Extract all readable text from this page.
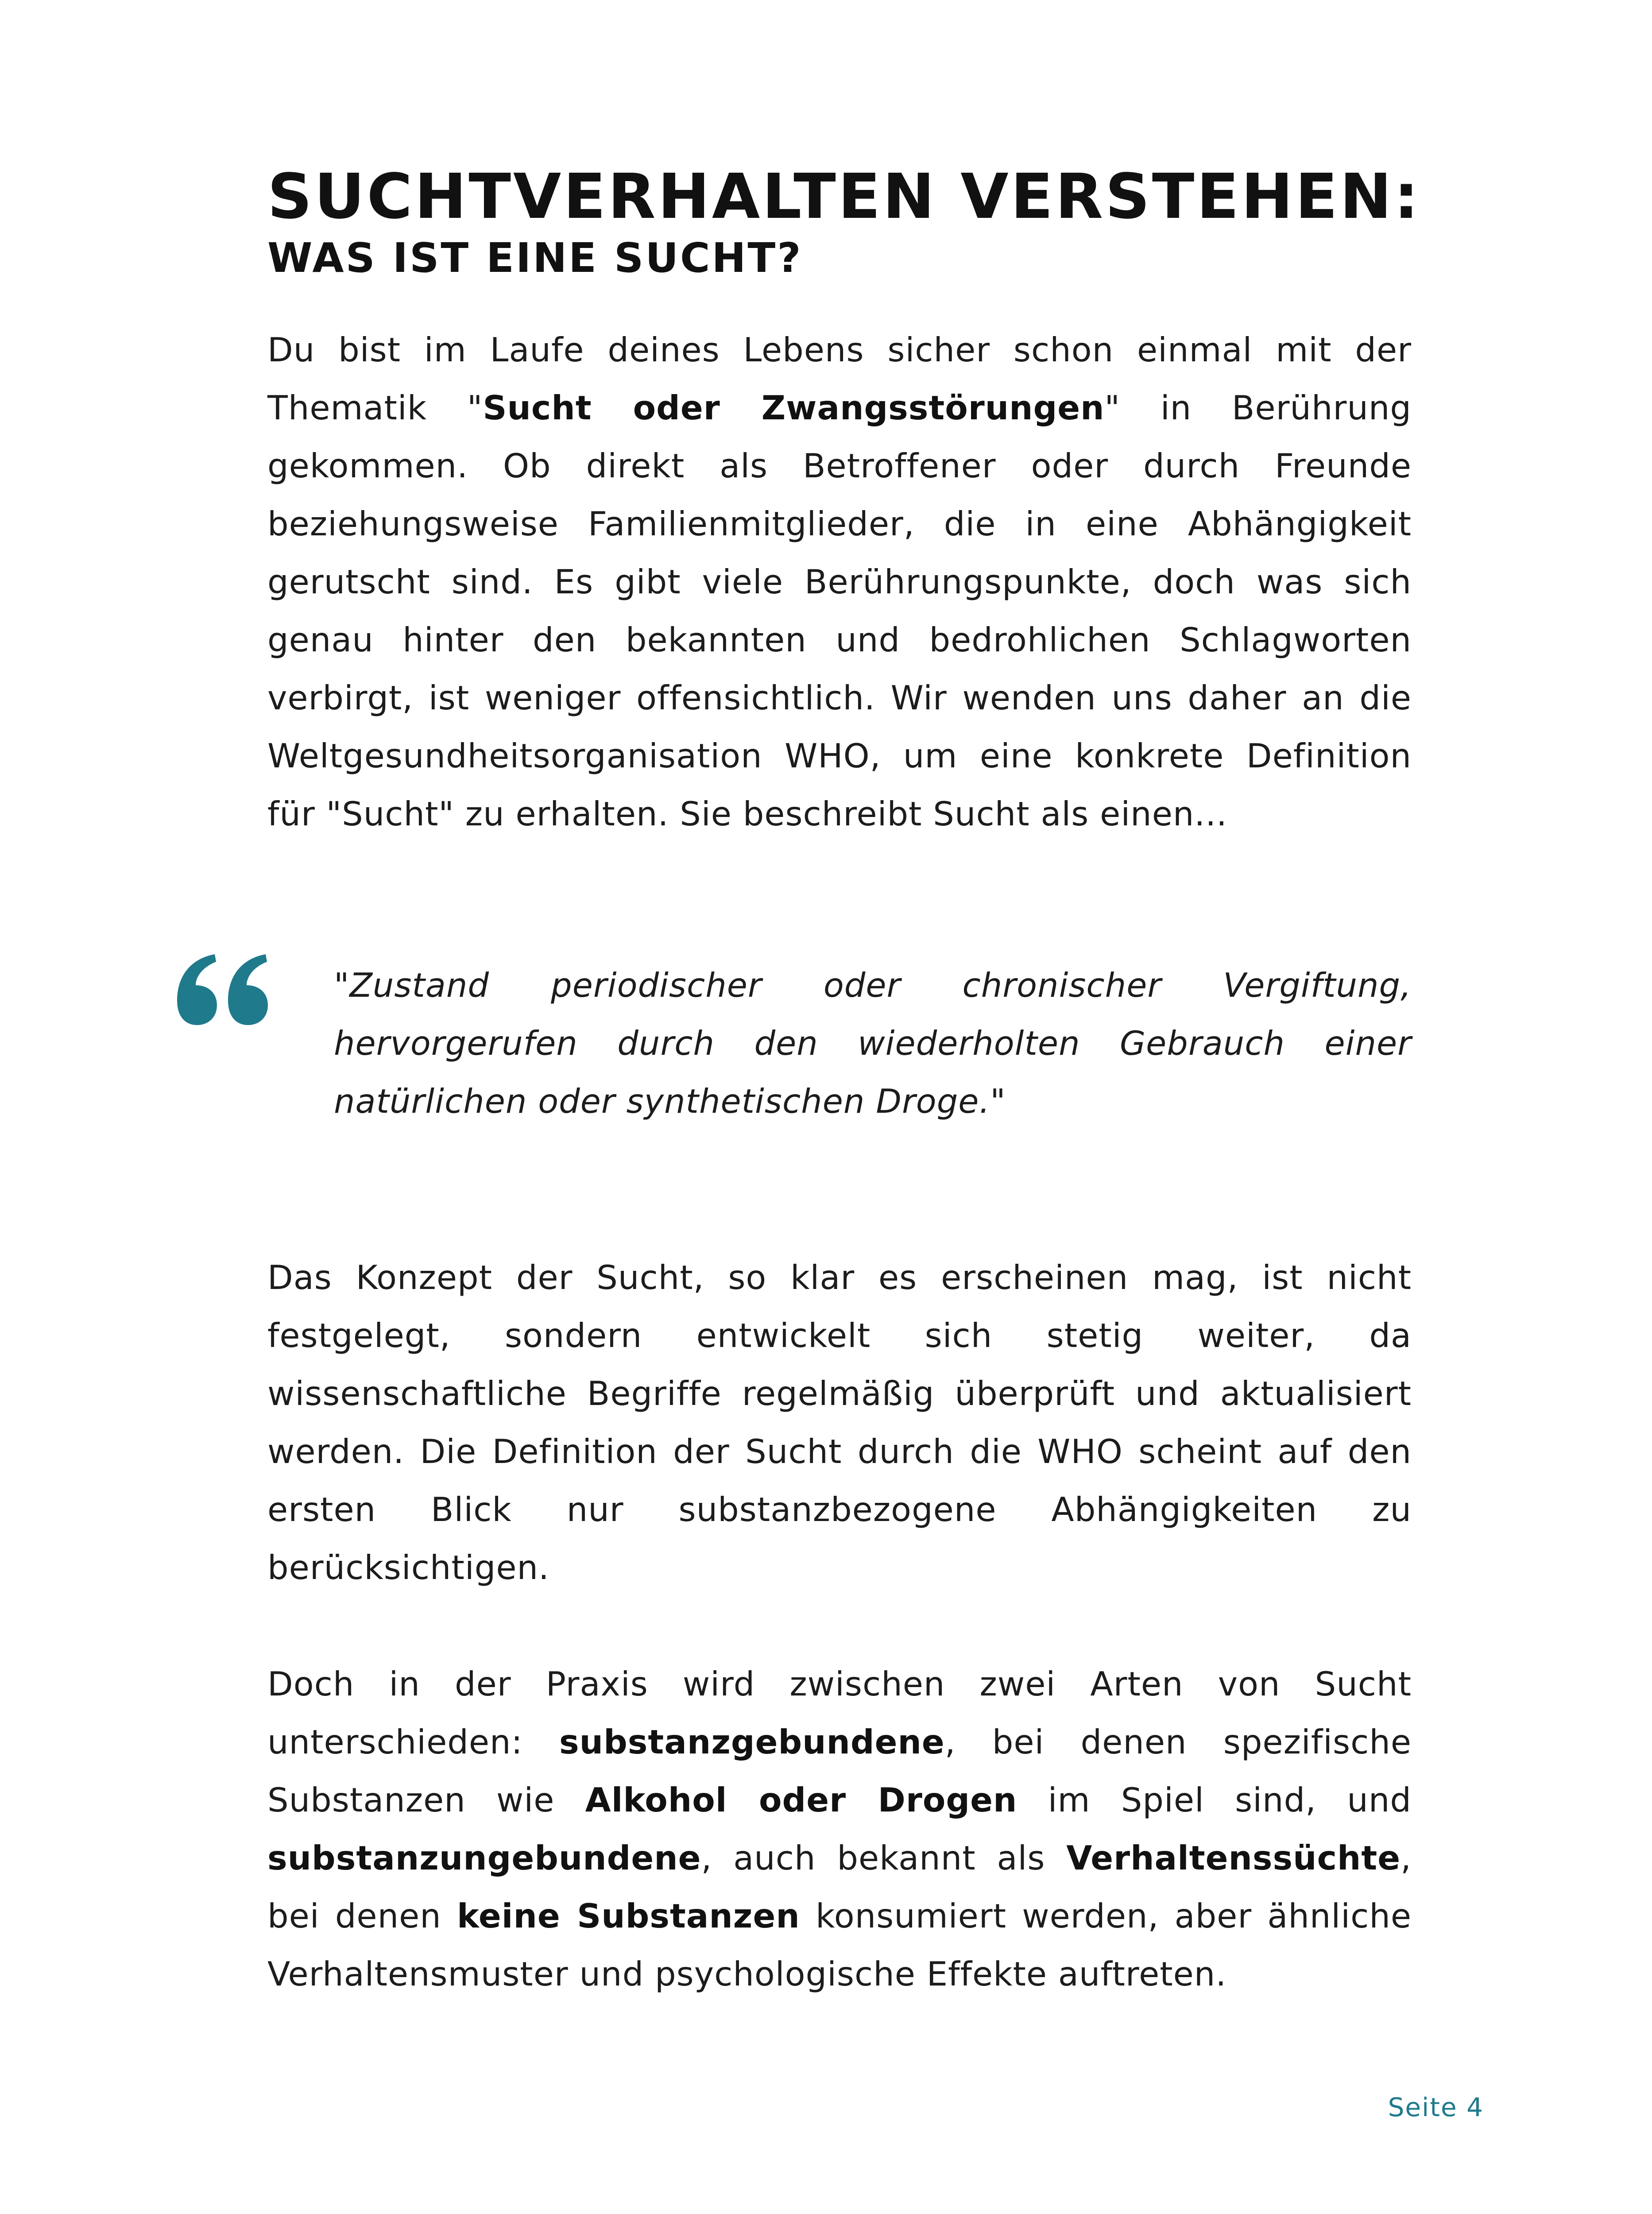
SUCHTVERHALTEN VERSTEHEN:
WAS IST EINE SUCHT?

Du bist im Laufe deines Lebens sicher schon einmal mit der Thematik "Sucht oder Zwangsstörungen" in Berührung gekommen. Ob direkt als Betroffener oder durch Freunde beziehungsweise Familienmitglieder, die in eine Abhängigkeit gerutscht sind. Es gibt viele Berührungspunkte, doch was sich genau hinter den bekannten und bedrohlichen Schlagworten verbirgt, ist weniger offensichtlich. Wir wenden uns daher an die Weltgesundheitsorganisation WHO, um eine konkrete Definition für "Sucht" zu erhalten. Sie beschreibt Sucht als einen...

"Zustand periodischer oder chronischer Vergiftung, hervorgerufen durch den wiederholten Gebrauch einer natürlichen oder synthetischen Droge."

Das Konzept der Sucht, so klar es erscheinen mag, ist nicht festgelegt, sondern entwickelt sich stetig weiter, da wissenschaftliche Begriffe regelmäßig überprüft und aktualisiert werden. Die Definition der Sucht durch die WHO scheint auf den ersten Blick nur substanzbezogene Abhängigkeiten zu berücksichtigen.

Doch in der Praxis wird zwischen zwei Arten von Sucht unterschieden: substanzgebundene, bei denen spezifische Substanzen wie Alkohol oder Drogen im Spiel sind, und substanzungebundene, auch bekannt als Verhaltenssüchte, bei denen keine Substanzen konsumiert werden, aber ähnliche Verhaltensmuster und psychologische Effekte auftreten.

Seite 4
